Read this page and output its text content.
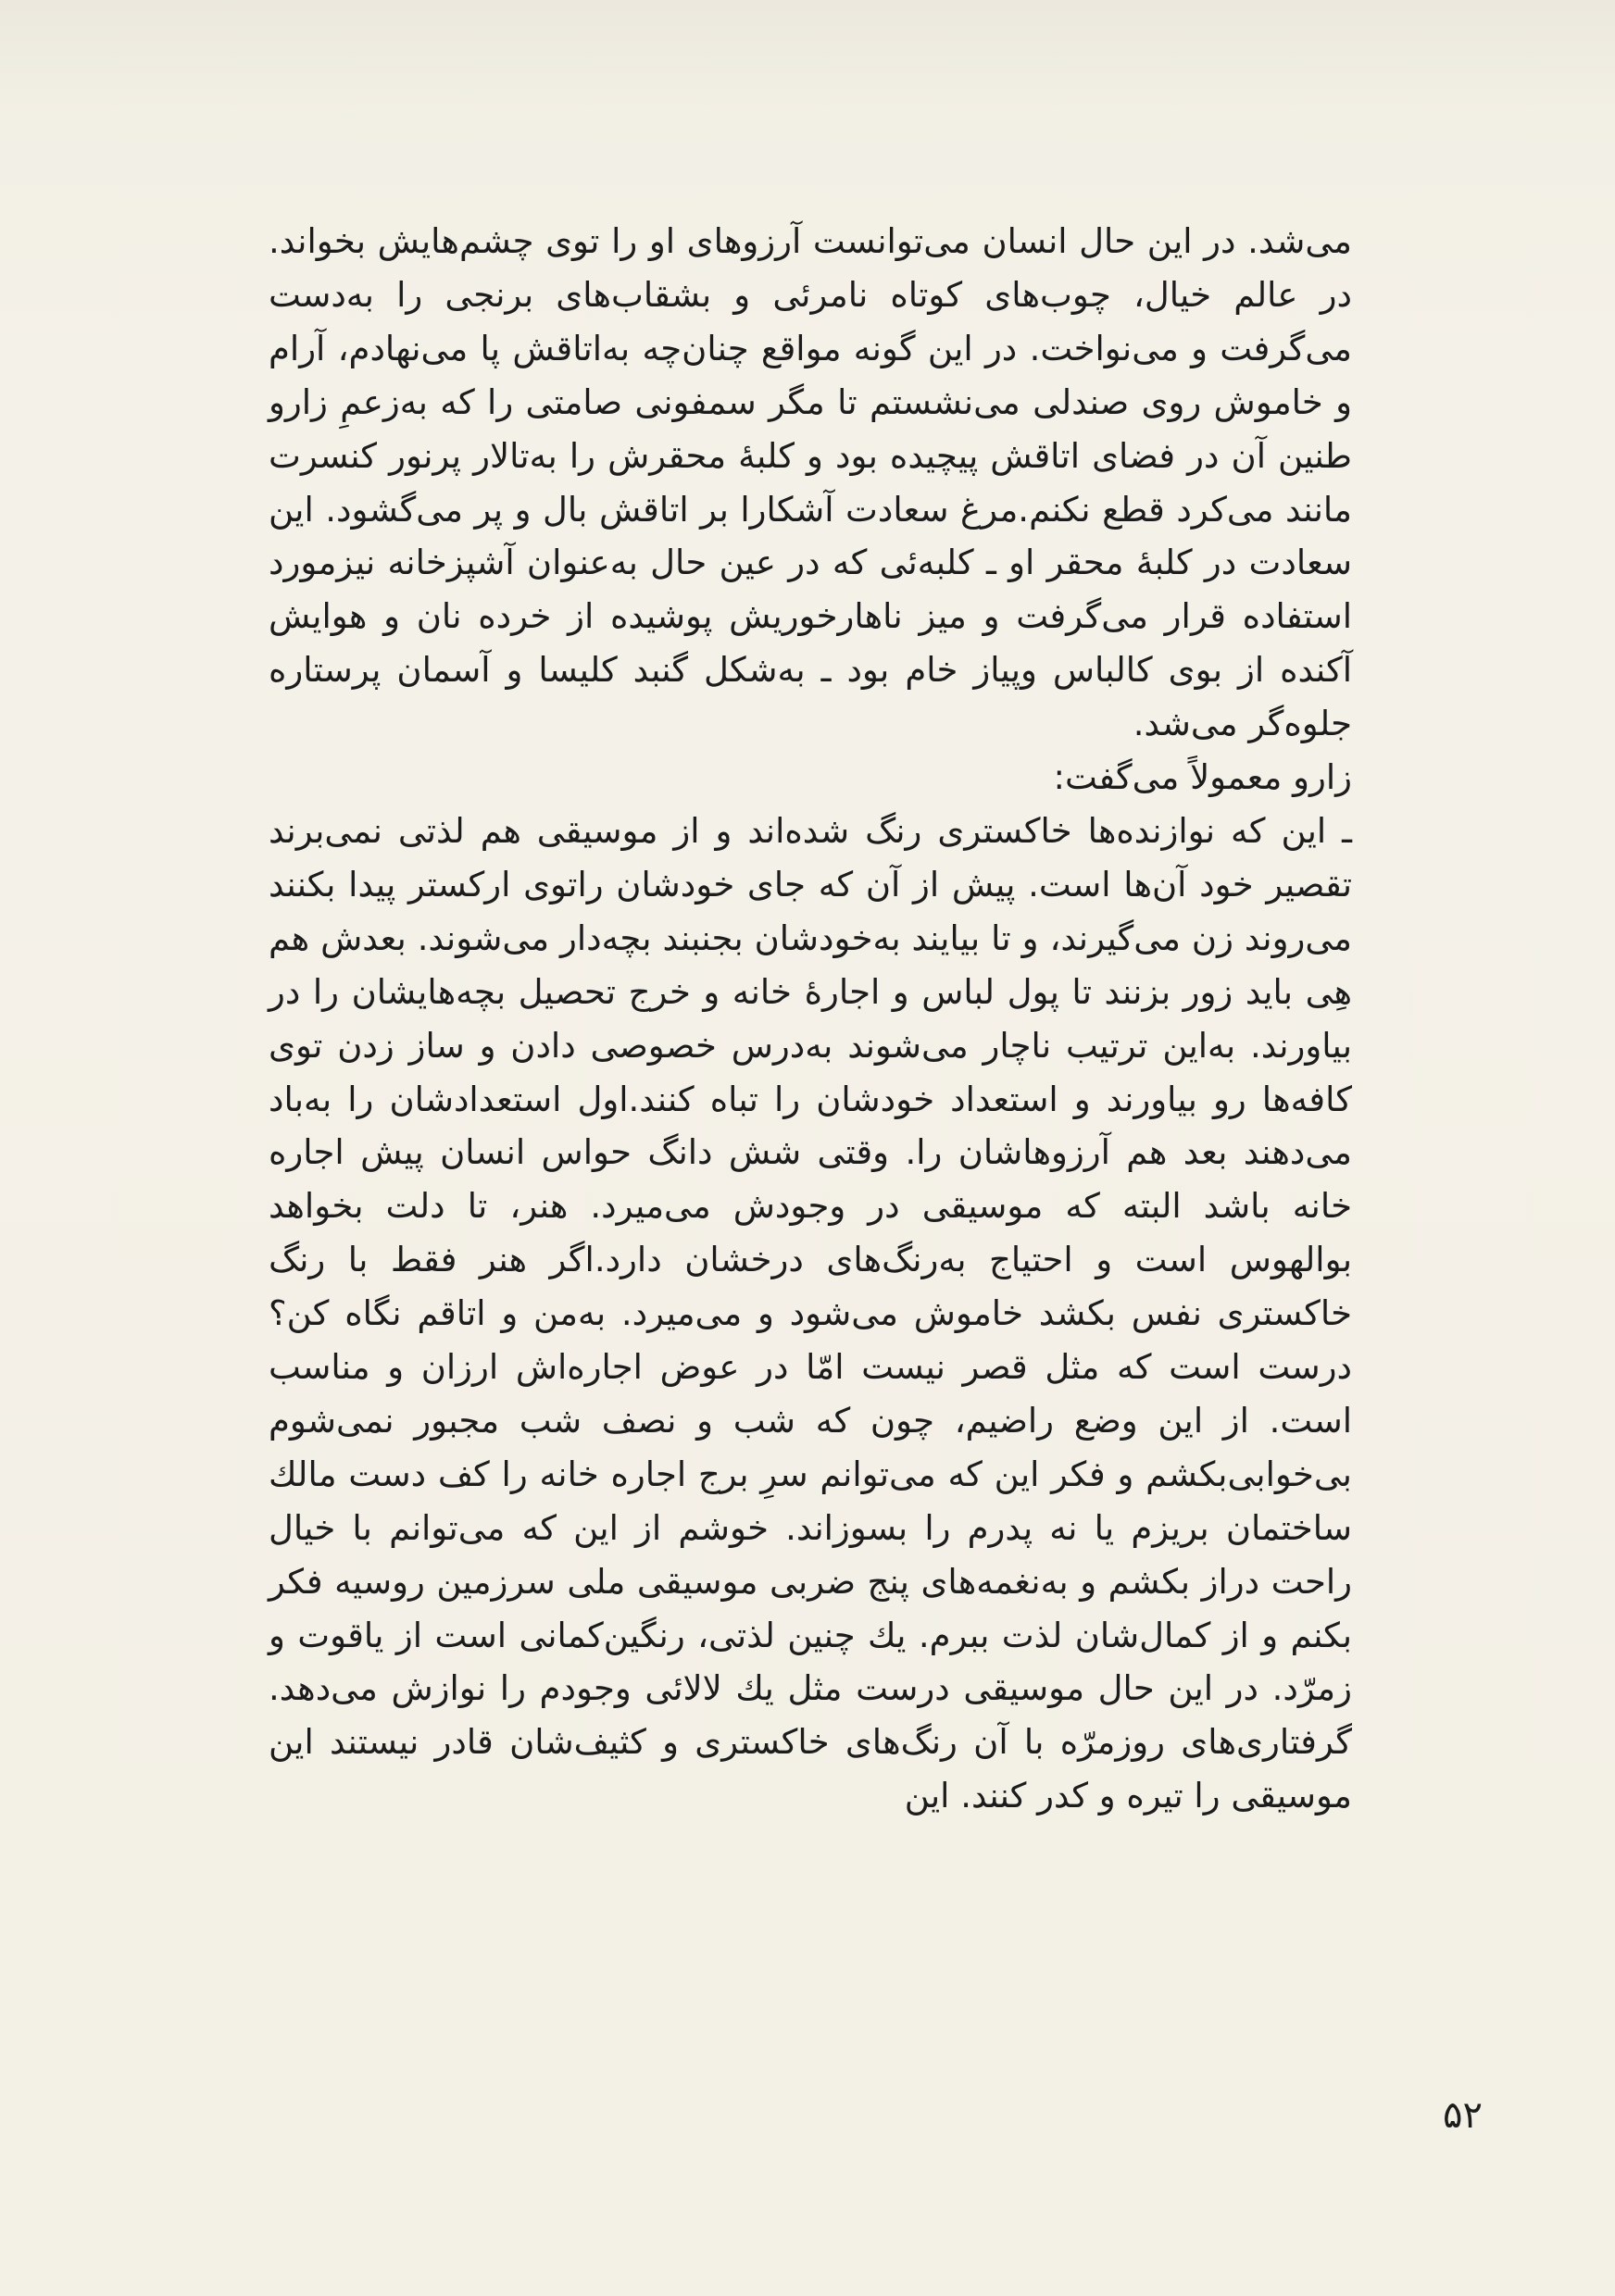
می‌شد. در این حال انسان می‌توانست آرزوهای او را توی چشم‌هایش بخواند. در عالم خیال، چوب‌های کوتاه نامرئی و بشقاب‌های برنجی را به‌دست می‌گرفت و می‌نواخت. در این گونه مواقع چنان‌چه به‌اتاقش پا می‌نهادم، آرام و خاموش روی صندلی می‌نشستم تا مگر سمفونی صامتی را که به‌زعمِ زارو طنین آن در فضای اتاقش پیچیده بود و کلبهٔ محقرش را به‌تالار پرنور کنسرت مانند می‌کرد قطع نکنم.مرغ سعادت آشکارا بر اتاقش بال و پر می‌گشود. این سعادت در کلبهٔ محقر او ـ کلبه‌ئی که در عین حال به‌عنوان آشپزخانه نیزمورد استفاده قرار می‌گرفت و میز ناهارخوریش پوشیده از خرده نان و هوایش آکنده از بوی کالباس وپیاز خام بود ـ به‌شکل گنبد کلیسا و آسمان پرستاره جلوه‌گر می‌شد.

زارو معمولاً می‌گفت:

ـ این که نوازنده‌ها خاکستری رنگ شده‌اند و از موسیقی هم لذتی نمی‌برند تقصیر خود آن‌ها است. پیش از آن که جای خودشان راتوی ارکستر پیدا بکنند می‌روند زن می‌گیرند، و تا بیایند به‌خودشان بجنبند بچه‌دار می‌شوند. بعدش هم هِی باید زور بزنند تا پول لباس و اجارهٔ خانه و خرج تحصیل بچه‌هایشان را در بیاورند. به‌این ترتیب ناچار می‌شوند به‌درس خصوصی دادن و ساز زدن توی کافه‌ها رو بیاورند و استعداد خودشان را تباه کنند.اول استعدادشان را به‌باد می‌دهند بعد هم آرزوهاشان را. وقتی شش دانگ حواس انسان پیش اجاره خانه باشد البته که موسیقی در وجودش می‌میرد. هنر، تا دلت بخواهد بوالهوس است و احتیاج به‌رنگ‌های درخشان دارد.اگر هنر فقط با رنگ خاکستری نفس بکشد خاموش می‌شود و می‌میرد. به‌من و اتاقم نگاه کن؟ درست است که مثل قصر نیست امّا در عوض اجاره‌اش ارزان و مناسب است. از این وضع راضیم، چون که شب و نصف شب مجبور نمی‌شوم بی‌خوابی‌بکشم و فکر این که می‌توانم سرِ برج اجاره خانه را کف دست مالك ساختمان بریزم یا نه پدرم را بسوزاند. خوشم از این که می‌توانم با خیال راحت دراز بکشم و به‌نغمه‌های پنج ضربی موسیقی ملی سرزمین روسیه فکر بکنم و از کمال‌شان لذت ببرم. یك چنین لذتی، رنگین‌کمانی است از یاقوت و زمرّد. در این حال موسیقی درست مثل یك لالائی وجودم را نوازش می‌دهد. گرفتاری‌های روزمرّه با آن رنگ‌های خاکستری و کثیف‌شان قادر نیستند این موسیقی را تیره و کدر کنند. این

۵۲
